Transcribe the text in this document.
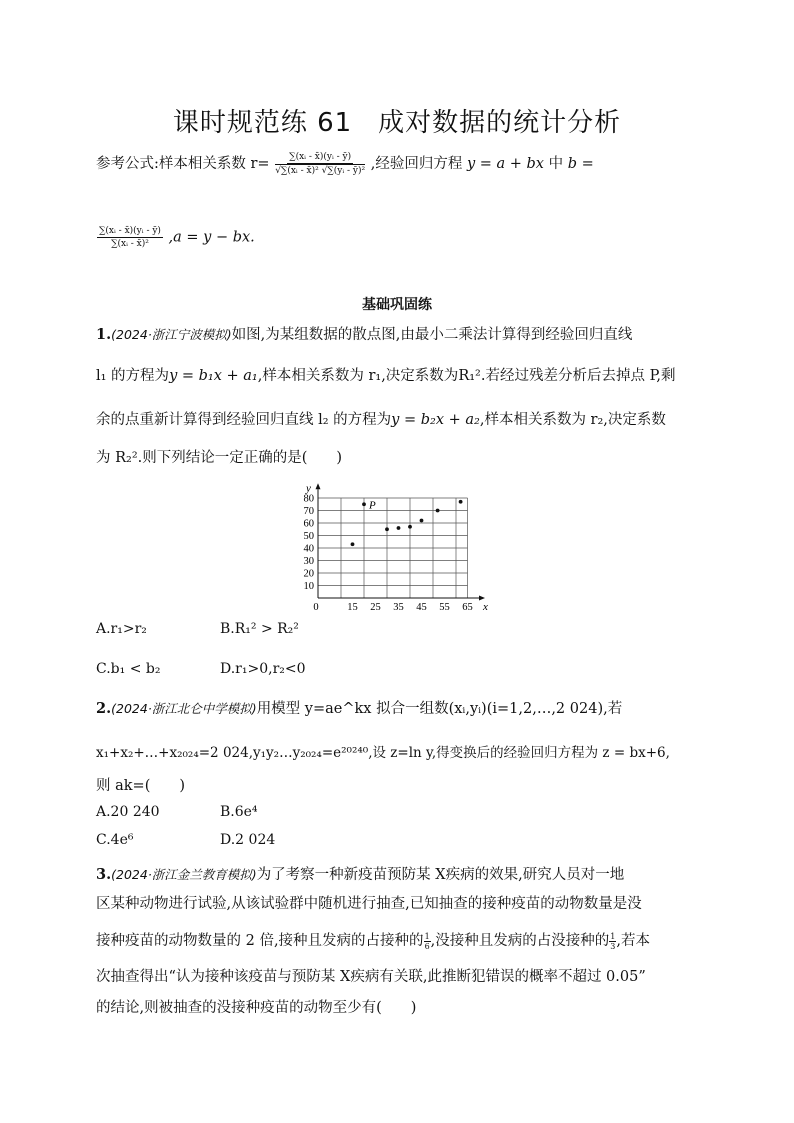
课时规范练 61 成对数据的统计分析
参考公式:样本相关系数 $r= \frac{\text{∑(xᵢ - x̄)(yᵢ - ȳ)}}{\text{√∑(xᵢ - x̄)² √∑(yᵢ - ȳ)²}}$ ,经验回归方程 y = a + bx 中 b =
$\frac{\text{∑(xᵢ - x̄)(yᵢ - ȳ)}}{\text{∑(xᵢ - x̄)²}} ,a = y$ − bx.
基础巩固练
1.(2024·浙江宁波模拟)如图,为某组数据的散点图,由最小二乘法计算得到经验回归直线
l₁ 的方程为y = b₁x + a₁,样本相关系数为 r₁,决定系数为R₁².若经过残差分析后去掉点 P,剩
余的点重新计算得到经验回归直线 l₂ 的方程为y = b₂x + a₂,样本相关系数为 r₂,决定系数
为 R₂².则下列结论一定正确的是(　　)
0	15 25 35 45 55 65
10
20
30
40
50
60
70
80
x
y
P
A.r₁>r₂	B.R₁² > R₂²
C.b₁ < b₂	D.r₁>0,r₂<0
2.(2024·浙江北仑中学模拟)用模型 y=ae^kx 拟合一组数(xᵢ,yᵢ)(i=1,2,…,2 024),若
x₁+x₂+…+x₂₀₂₄=2 024,y₁y₂…y₂₀₂₄=e²⁰²⁴⁰,设 z=ln y,得变换后的经验回归方程为 z = bx+6,
则 ak=(　　)
A.20 240	B.6e⁴
C.4e⁶	D.2 024
3.(2024·浙江金兰教育模拟)为了考察一种新疫苗预防某 X疾病的效果,研究人员对一地
区某种动物进行试验,从该试验群中随机进行抽查,已知抽查的接种疫苗的动物数量是没
接种疫苗的动物数量的 2 倍,接种且发病的占接种的 $\frac{1}{6}$ ,没接种且发病的占没接种的 $\frac{1}{3}$ ,若本
次抽查得出“认为接种该疫苗与预防某 X疾病有关联,此推断犯错误的概率不超过 0.05”
的结论,则被抽查的没接种疫苗的动物至少有(　　)
